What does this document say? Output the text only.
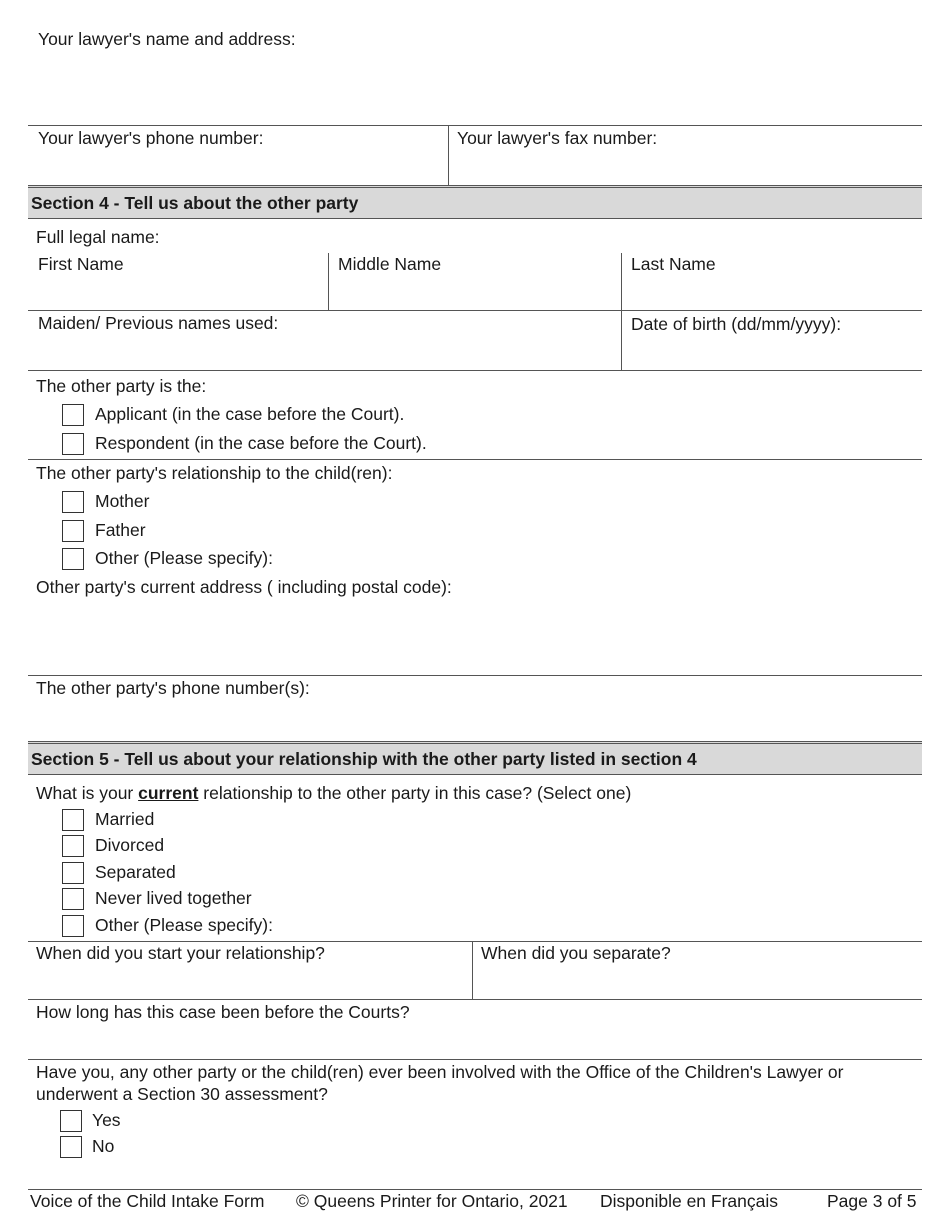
Your lawyer's name and address:
Your lawyer's phone number:	Your lawyer's fax number:
Section 4 - Tell us about the other party
Full legal name:
First Name	Middle Name	Last Name
Maiden/ Previous names used:	Date of birth (dd/mm/yyyy):
The other party is the:
Applicant (in the case before the Court).
Respondent (in the case before the Court).
The other party's relationship to the child(ren):
Mother
Father
Other (Please specify):
Other party's current address ( including postal code):
The other party's phone number(s):
Section 5 - Tell us about your relationship with the other party listed in section 4
What is your current relationship to the other party in this case? (Select one)
Married
Divorced
Separated
Never lived together
Other (Please specify):
When did you start your relationship?	When did you separate?
How long has this case been before the Courts?
Have you, any other party or the child(ren) ever been involved with the Office of the Children's Lawyer or
underwent a Section 30 assessment?
Yes
No
Voice of the Child Intake Form © Queens Printer for Ontario, 2021 Disponible en Français	Page 3 of 5
